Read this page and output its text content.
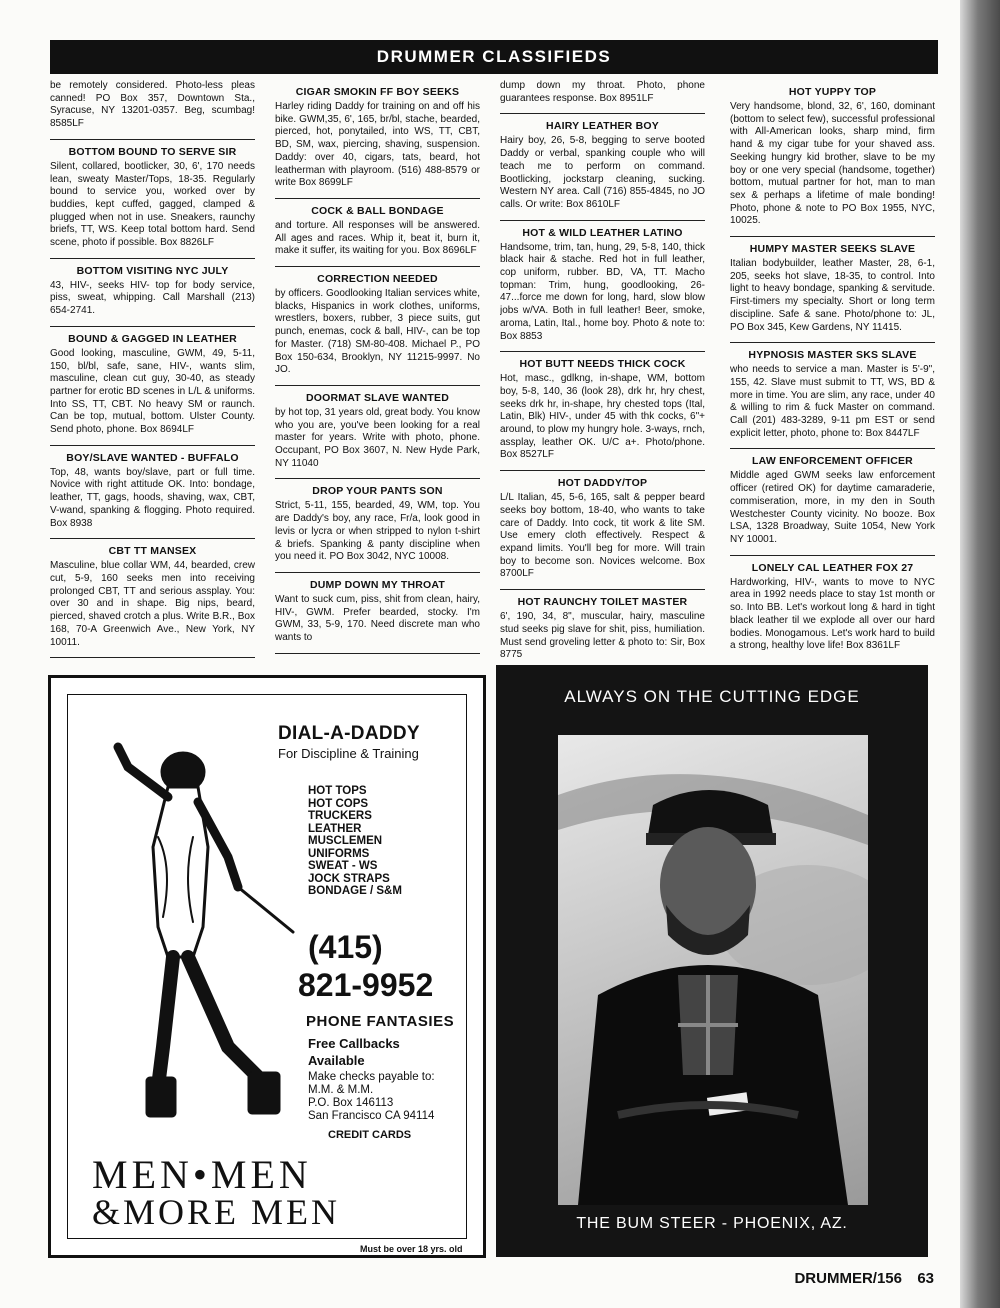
DRUMMER CLASSIFIEDS
be remotely considered. Photo-less pleas canned! PO Box 357, Downtown Sta., Syracuse, NY 13201-0357. Beg, scumbag! 8585LF
BOTTOM BOUND TO SERVE SIR
Silent, collared, bootlicker, 30, 6', 170 needs lean, sweaty Master/Tops, 18-35. Regularly bound to service you, worked over by buddies, kept cuffed, gagged, clamped & plugged when not in use. Sneakers, raunchy briefs, TT, WS. Keep total bottom hard. Send scene, photo if possible. Box 8826LF
BOTTOM VISITING NYC JULY
43, HIV-, seeks HIV- top for body service, piss, sweat, whipping. Call Marshall (213) 654-2741.
BOUND & GAGGED IN LEATHER
Good looking, masculine, GWM, 49, 5-11, 150, bl/bl, safe, sane, HIV-, wants slim, masculine, clean cut guy, 30-40, as steady partner for erotic BD scenes in L/L & uniforms. Into SS, TT, CBT. No heavy SM or raunch. Can be top, mutual, bottom. Ulster County. Send photo, phone. Box 8694LF
BOY/SLAVE WANTED - BUFFALO
Top, 48, wants boy/slave, part or full time. Novice with right attitude OK. Into: bondage, leather, TT, gags, hoods, shaving, wax, CBT, V-wand, spanking & flogging. Photo required. Box 8938
CBT TT MANSEX
Masculine, blue collar WM, 44, bearded, crew cut, 5-9, 160 seeks men into receiving prolonged CBT, TT and serious assplay. You: over 30 and in shape. Big nips, beard, pierced, shaved crotch a plus. Write B.R., Box 168, 70-A Greenwich Ave., New York, NY 10011.
CIGAR SMOKIN FF BOY SEEKS
Harley riding Daddy for training on and off his bike. GWM,35, 6', 165, br/bl, stache, bearded, pierced, hot, ponytailed, into WS, TT, CBT, BD, SM, wax, piercing, shaving, suspension. Daddy: over 40, cigars, tats, beard, hot leatherman with playroom. (516) 488-8579 or write Box 8699LF
COCK & BALL BONDAGE
and torture. All responses will be answered. All ages and races. Whip it, beat it, burn it, make it suffer, its waiting for you. Box 8696LF
CORRECTION NEEDED
by officers. Goodlooking Italian services white, blacks, Hispanics in work clothes, uniforms, wrestlers, boxers, rubber, 3 piece suits, gut punch, enemas, cock & ball, HIV-, can be top for Master. (718) SM-80-408. Michael P., PO Box 150-634, Brooklyn, NY 11215-9997. No JO.
DOORMAT SLAVE WANTED
by hot top, 31 years old, great body. You know who you are, you've been looking for a real master for years. Write with photo, phone. Occupant, PO Box 3607, N. New Hyde Park, NY 11040
DROP YOUR PANTS SON
Strict, 5-11, 155, bearded, 49, WM, top. You are Daddy's boy, any race, Fr/a, look good in levis or lycra or when stripped to nylon t-shirt & briefs. Spanking & panty discipline when you need it. PO Box 3042, NYC 10008.
DUMP DOWN MY THROAT
Want to suck cum, piss, shit from clean, hairy, HIV-, GWM. Prefer bearded, stocky. I'm GWM, 33, 5-9, 170. Need discrete man who wants to
dump down my throat. Photo, phone guarantees response. Box 8951LF
HAIRY LEATHER BOY
Hairy boy, 26, 5-8, begging to serve booted Daddy or verbal, spanking couple who will teach me to perform on command. Bootlicking, jockstarp cleaning, sucking. Western NY area. Call (716) 855-4845, no JO calls. Or write: Box 8610LF
HOT & WILD LEATHER LATINO
Handsome, trim, tan, hung, 29, 5-8, 140, thick black hair & stache. Red hot in full leather, cop uniform, rubber. BD, VA, TT. Macho topman: Trim, hung, goodlooking, 26-47...force me down for long, hard, slow blow jobs w/VA. Both in full leather! Beer, smoke, aroma, Latin, Ital., home boy. Photo & note to: Box 8853
HOT BUTT NEEDS THICK COCK
Hot, masc., gdlkng, in-shape, WM, bottom boy, 5-8, 140, 36 (look 28), drk hr, hry chest, seeks drk hr, in-shape, hry chested tops (Ital, Latin, Blk) HIV-, under 45 with thk cocks, 6"+ around, to plow my hungry hole. 3-ways, rnch, assplay, leather OK. U/C a+. Photo/phone. Box 8527LF
HOT DADDY/TOP
L/L Italian, 45, 5-6, 165, salt & pepper beard seeks boy bottom, 18-40, who wants to take care of Daddy. Into cock, tit work & lite SM. Use emery cloth effectively. Respect & expand limits. You'll beg for more. Will train boy to become son. Novices welcome. Box 8700LF
HOT RAUNCHY TOILET MASTER
6', 190, 34, 8", muscular, hairy, masculine stud seeks pig slave for shit, piss, humiliation. Must send groveling letter & photo to: Sir, Box 8775
HOT YUPPY TOP
Very handsome, blond, 32, 6', 160, dominant (bottom to select few), successful professional with All-American looks, sharp mind, firm hand & my cigar tube for your shaved ass. Seeking hungry kid brother, slave to be my boy or one very special (handsome, together) bottom, mutual partner for hot, man to man sex & perhaps a lifetime of male bonding! Photo, phone & note to PO Box 1955, NYC, 10025.
HUMPY MASTER SEEKS SLAVE
Italian bodybuilder, leather Master, 28, 6-1, 205, seeks hot slave, 18-35, to control. Into light to heavy bondage, spanking & servitude. First-timers my specialty. Short or long term discipline. Safe & sane. Photo/phone to: JL, PO Box 345, Kew Gardens, NY 11415.
HYPNOSIS MASTER SKS SLAVE
who needs to service a man. Master is 5'-9", 155, 42. Slave must submit to TT, WS, BD & more in time. You are slim, any race, under 40 & willing to rim & fuck Master on command. Call (201) 483-3289, 9-11 pm EST or send explicit letter, photo, phone to: Box 8447LF
LAW ENFORCEMENT OFFICER
Middle aged GWM seeks law enforcement officer (retired OK) for daytime camaraderie, commiseration, more, in my den in South Westchester County vicinity. No booze. Box LSA, 1328 Broadway, Suite 1054, New York NY 10001.
LONELY CAL LEATHER FOX 27
Hardworking, HIV-, wants to move to NYC area in 1992 needs place to stay 1st month or so. Into BB. Let's workout long & hard in tight black leather til we explode all over our hard bodies. Monogamous. Let's work hard to build a strong, healthy love life! Box 8361LF
DIAL-A-DADDY
For Discipline & Training
HOT TOPS
HOT COPS
TRUCKERS
LEATHER
MUSCLEMEN
UNIFORMS
SWEAT - WS
JOCK STRAPS
BONDAGE / S&M
(415)
821-9952
PHONE FANTASIES
Free Callbacks Available
Make checks payable to:
M.M. & M.M.
P.O. Box 146113
San Francisco CA 94114
CREDIT CARDS
MEN•MEN
&MORE MEN
Must be over 18 yrs. old
ALWAYS ON THE CUTTING EDGE
THE BUM STEER - PHOENIX, AZ.
DRUMMER/156 63
